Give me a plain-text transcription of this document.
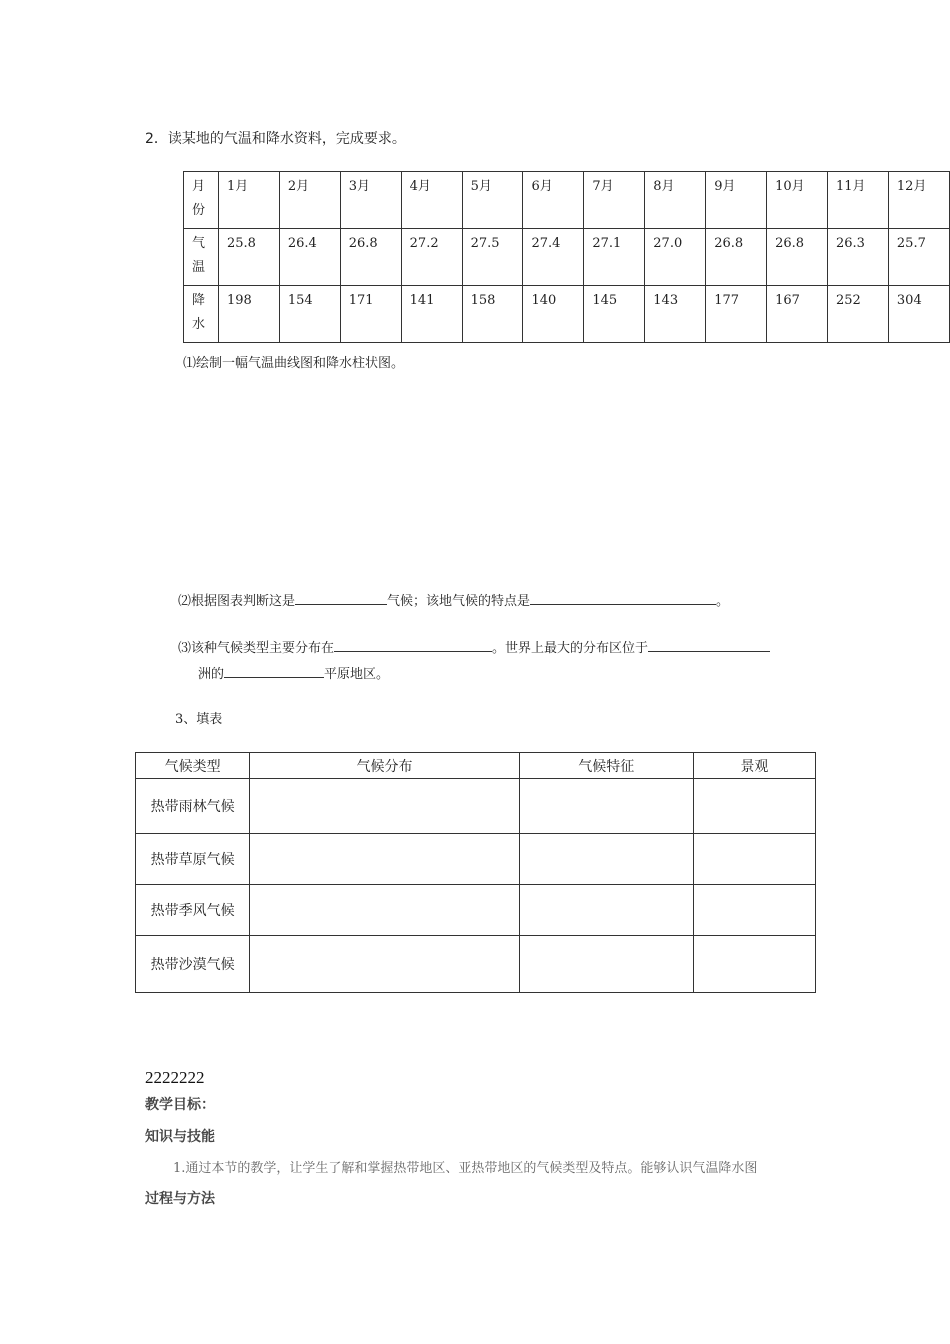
2．读某地的气温和降水资料，完成要求。
月份	1月	2月	3月	4月	5月	6月	7月	8月	9月	10月	11月	12月
气温	25.8	26.4	26.8	27.2	27.5	27.4	27.1	27.0	26.8	26.8	26.3	25.7
降水	198	154	171	141	158	140	145	143	177	167	252	304
⑴绘制一幅气温曲线图和降水柱状图。
⑵根据图表判断这是	气候；该地气候的特点是	。
⑶该种气候类型主要分布在	。世界上最大的分布区位于
洲的	平原地区。
3、填表
气候类型	气候分布	气候特征	景观
热带雨林气候			
热带草原气候			
热带季风气候			
热带沙漠气候			
2222222
教学目标：
知识与技能
1.通过本节的教学，让学生了解和掌握热带地区、亚热带地区的气候类型及特点。能够认识气温降水图
过程与方法
